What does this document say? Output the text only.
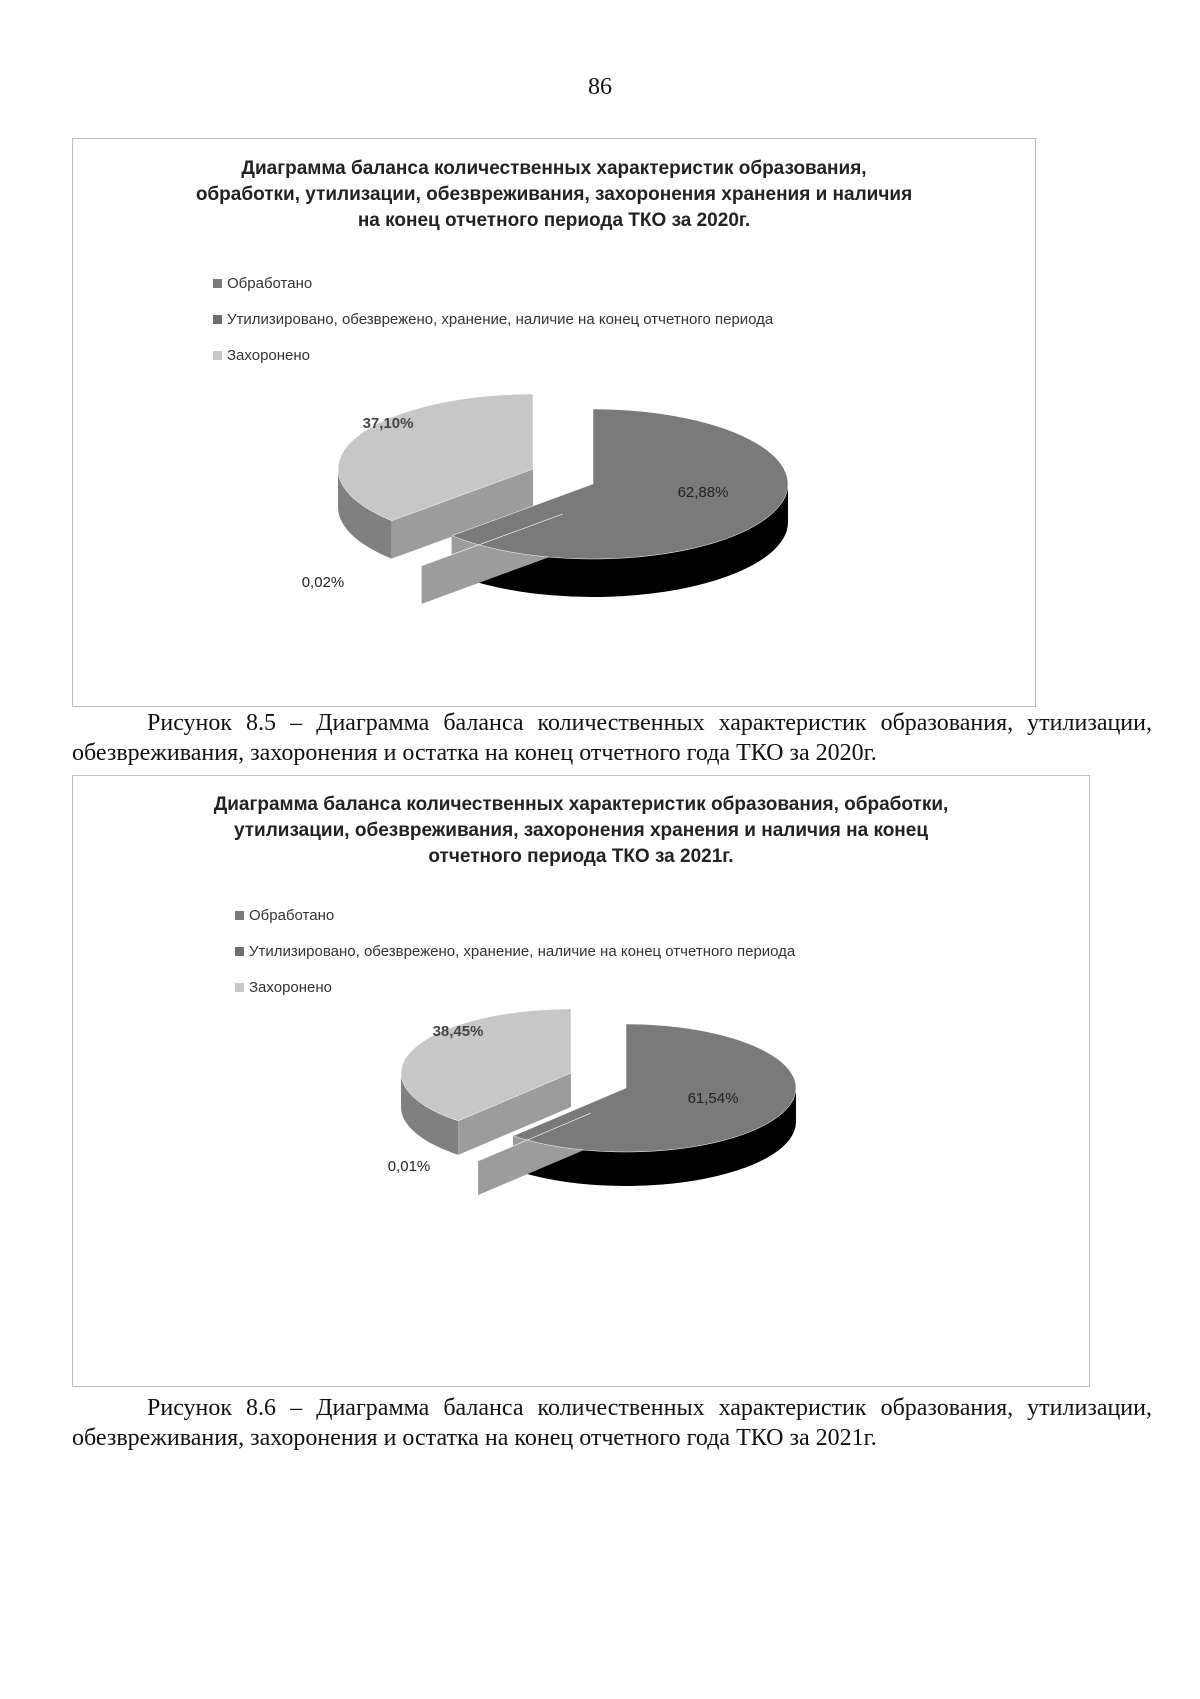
86
Диаграмма баланса количественных характеристик образования, обработки, утилизации, обезвреживания, захоронения хранения и наличия на конец отчетного периода ТКО за 2020г.
Обработано
Утилизировано, обезврежено, хранение, наличие на конец отчетного периода
Захоронено
62,88%
0,02%
37,10%
Рисунок 8.5 – Диаграмма баланса количественных характеристик образования, утилизации, обезвреживания, захоронения и остатка на конец отчетного года ТКО за 2020г.
Диаграмма баланса количественных характеристик образования, обработки, утилизации, обезвреживания, захоронения хранения и наличия на конец отчетного периода ТКО за 2021г.
Обработано
Утилизировано, обезврежено, хранение, наличие на конец отчетного периода
Захоронено
61,54%
0,01%
38,45%
Рисунок 8.6 – Диаграмма баланса количественных характеристик образования, утилизации, обезвреживания, захоронения и остатка на конец отчетного года ТКО за 2021г.
